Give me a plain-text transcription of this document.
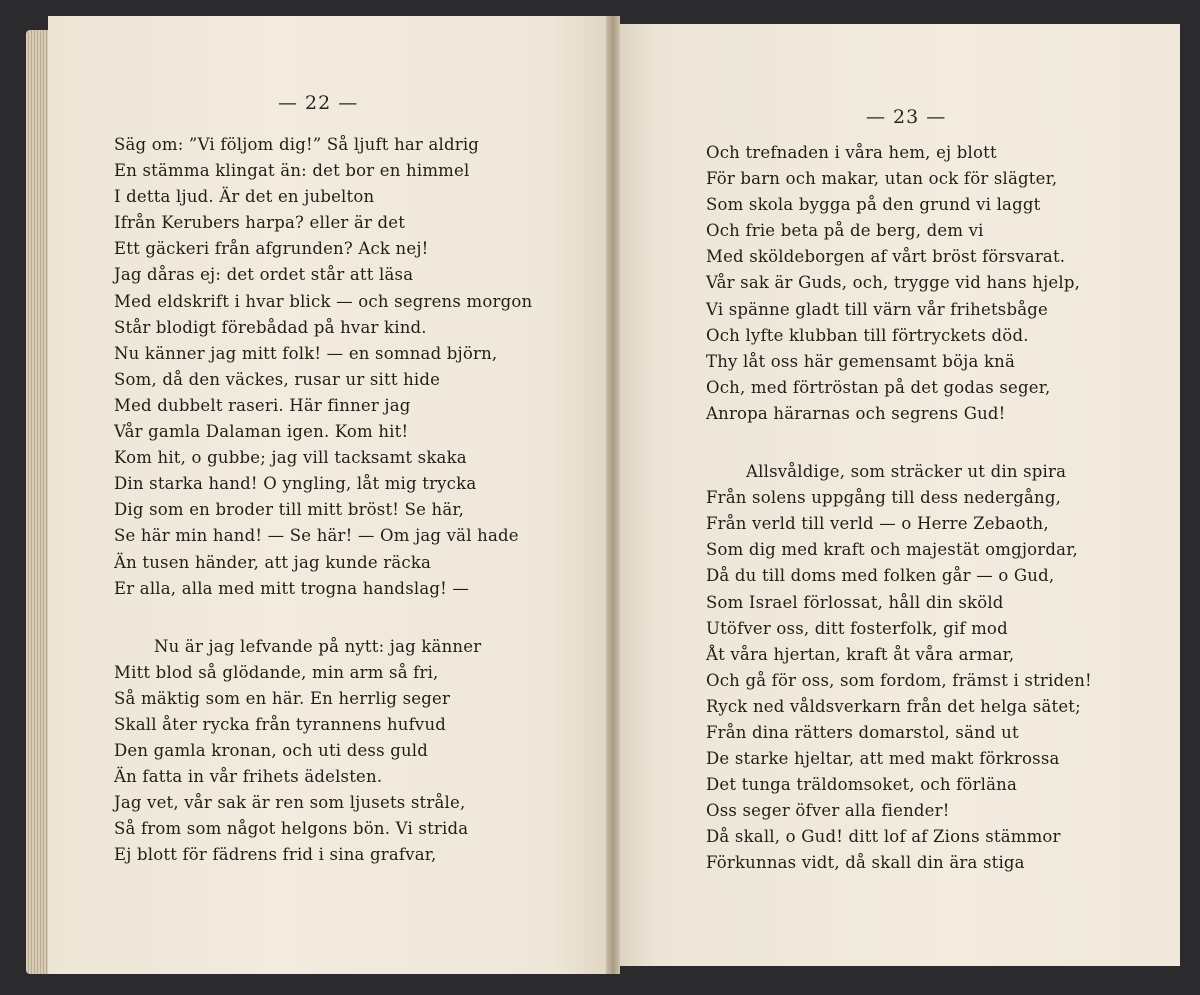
— 22 —
Säg om: ”Vi följom dig!” Så ljuft har aldrig
En stämma klingat än: det bor en himmel
I detta ljud. Är det en jubelton
Ifrån Kerubers harpa? eller är det
Ett gäckeri från afgrunden? Ack nej!
Jag dåras ej: det ordet står att läsa
Med eldskrift i hvar blick — och segrens morgon
Står blodigt förebådad på hvar kind.
Nu känner jag mitt folk! — en somnad björn,
Som, då den väckes, rusar ur sitt hide
Med dubbelt raseri. Här finner jag
Vår gamla Dalaman igen. Kom hit!
Kom hit, o gubbe; jag vill tacksamt skaka
Din starka hand! O yngling, låt mig trycka
Dig som en broder till mitt bröst! Se här,
Se här min hand! — Se här! — Om jag väl hade
Än tusen händer, att jag kunde räcka
Er alla, alla med mitt trogna handslag! —
Nu är jag lefvande på nytt: jag känner
Mitt blod så glödande, min arm så fri,
Så mäktig som en här. En herrlig seger
Skall åter rycka från tyrannens hufvud
Den gamla kronan, och uti dess guld
Än fatta in vår frihets ädelsten.
Jag vet, vår sak är ren som ljusets stråle,
Så from som något helgons bön. Vi strida
Ej blott för fädrens frid i sina grafvar,
— 23 —
Och trefnaden i våra hem, ej blott
För barn och makar, utan ock för slägter,
Som skola bygga på den grund vi laggt
Och frie beta på de berg, dem vi
Med sköldeborgen af vårt bröst försvarat.
Vår sak är Guds, och, trygge vid hans hjelp,
Vi spänne gladt till värn vår frihetsbåge
Och lyfte klubban till förtryckets död.
Thy låt oss här gemensamt böja knä
Och, med förtröstan på det godas seger,
Anropa härarnas och segrens Gud!
Allsvåldige, som sträcker ut din spira
Från solens uppgång till dess nedergång,
Från verld till verld — o Herre Zebaoth,
Som dig med kraft och majestät omgjordar,
Då du till doms med folken går — o Gud,
Som Israel förlossat, håll din sköld
Utöfver oss, ditt fosterfolk, gif mod
Åt våra hjertan, kraft åt våra armar,
Och gå för oss, som fordom, främst i striden!
Ryck ned våldsverkarn från det helga sätet;
Från dina rätters domarstol, sänd ut
De starke hjeltar, att med makt förkrossa
Det tunga träldomsoket, och förläna
Oss seger öfver alla fiender!
Då skall, o Gud! ditt lof af Zions stämmor
Förkunnas vidt, då skall din ära stiga
